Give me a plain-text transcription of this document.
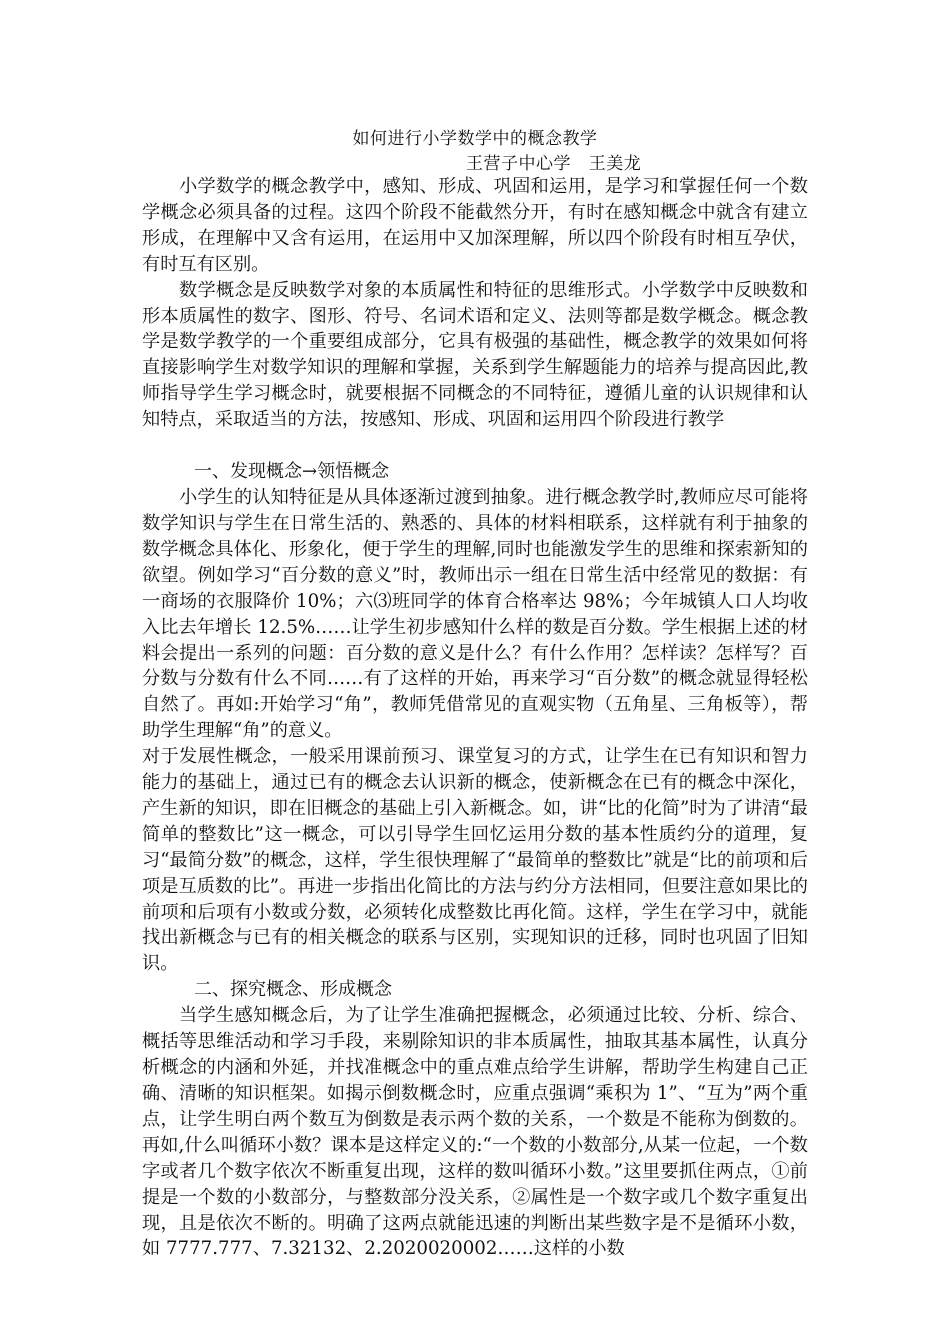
如何进行小学数学中的概念教学
王营子中心学   王美龙

小学数学的概念教学中，感知、形成、巩固和运用，是学习和掌握任何一个数学概念必须具备的过程。这四个阶段不能截然分开，有时在感知概念中就含有建立形成，在理解中又含有运用，在运用中又加深理解，所以四个阶段有时相互孕伏，有时互有区别。

数学概念是反映数学对象的本质属性和特征的思维形式。小学数学中反映数和形本质属性的数字、图形、符号、名词术语和定义、法则等都是数学概念。概念教学是数学教学的一个重要组成部分，它具有极强的基础性，概念教学的效果如何将直接影响学生对数学知识的理解和掌握，关系到学生解题能力的培养与提高因此,教师指导学生学习概念时，就要根据不同概念的不同特征，遵循儿童的认识规律和认知特点，采取适当的方法，按感知、形成、巩固和运用四个阶段进行教学

一、发现概念→领悟概念

小学生的认知特征是从具体逐渐过渡到抽象。进行概念教学时,教师应尽可能将数学知识与学生在日常生活的、熟悉的、具体的材料相联系，这样就有利于抽象的数学概念具体化、形象化，便于学生的理解,同时也能激发学生的思维和探索新知的欲望。例如学习“百分数的意义”时，教师出示一组在日常生活中经常见的数据：有一商场的衣服降价 10%；六⑶班同学的体育合格率达 98%；今年城镇人口人均收入比去年增长 12.5%……让学生初步感知什么样的数是百分数。学生根据上述的材料会提出一系列的问题：百分数的意义是什么？有什么作用？怎样读？怎样写？百分数与分数有什么不同……有了这样的开始，再来学习“百分数”的概念就显得轻松自然了。再如:开始学习“角”，教师凭借常见的直观实物（五角星、三角板等），帮助学生理解“角”的意义。

对于发展性概念，一般采用课前预习、课堂复习的方式，让学生在已有知识和智力能力的基础上，通过已有的概念去认识新的概念，使新概念在已有的概念中深化，产生新的知识，即在旧概念的基础上引入新概念。如，讲“比的化简”时为了讲清“最简单的整数比”这一概念，可以引导学生回忆运用分数的基本性质约分的道理，复习“最简分数”的概念，这样，学生很快理解了“最简单的整数比”就是“比的前项和后项是互质数的比”。再进一步指出化简比的方法与约分方法相同，但要注意如果比的前项和后项有小数或分数，必须转化成整数比再化简。这样，学生在学习中，就能找出新概念与已有的相关概念的联系与区别，实现知识的迁移，同时也巩固了旧知识。

二、探究概念、形成概念

当学生感知概念后，为了让学生准确把握概念，必须通过比较、分析、综合、概括等思维活动和学习手段，来剔除知识的非本质属性，抽取其基本属性，认真分析概念的内涵和外延，并找准概念中的重点难点给学生讲解，帮助学生构建自己正确、清晰的知识框架。如揭示倒数概念时，应重点强调“乘积为 1”、“互为”两个重点，让学生明白两个数互为倒数是表示两个数的关系，一个数是不能称为倒数的。再如,什么叫循环小数？课本是这样定义的:“一个数的小数部分,从某一位起，一个数字或者几个数字依次不断重复出现，这样的数叫循环小数。”这里要抓住两点，①前提是一个数的小数部分，与整数部分没关系，②属性是一个数字或几个数字重复出现，且是依次不断的。明确了这两点就能迅速的判断出某些数字是不是循环小数，如 7777.777、7.32132、2.2020020002……这样的小数
